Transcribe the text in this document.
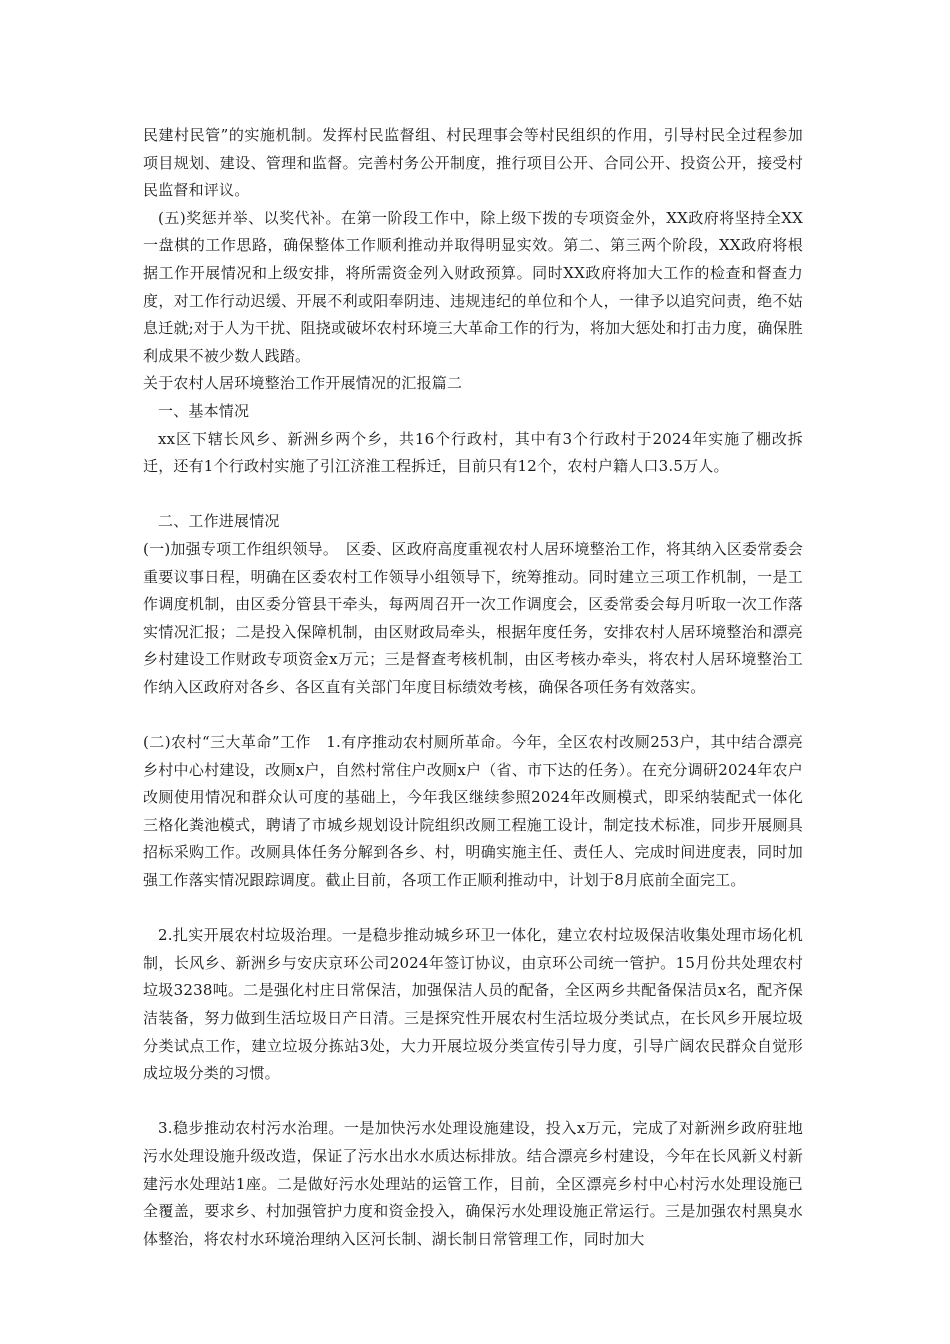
民建村民管”的实施机制。发挥村民监督组、村民理事会等村民组织的作用，引导村民全过程参加项目规划、建设、管理和监督。完善村务公开制度，推行项目公开、合同公开、投资公开，接受村民监督和评议。

(五)奖惩并举、以奖代补。在第一阶段工作中，除上级下拨的专项资金外，XX政府将坚持全XX一盘棋的工作思路，确保整体工作顺利推动并取得明显实效。第二、第三两个阶段，XX政府将根据工作开展情况和上级安排，将所需资金列入财政预算。同时XX政府将加大工作的检查和督查力度，对工作行动迟缓、开展不利或阳奉阴违、违规违纪的单位和个人，一律予以追究问责，绝不姑息迁就;对于人为干扰、阻挠或破坏农村环境三大革命工作的行为，将加大惩处和打击力度，确保胜利成果不被少数人践踏。

关于农村人居环境整治工作开展情况的汇报篇二

一、基本情况

xx区下辖长风乡、新洲乡两个乡，共16个行政村，其中有3个行政村于2024年实施了棚改拆迁，还有1个行政村实施了引江济淮工程拆迁，目前只有12个，农村户籍人口3.5万人。

二、工作进展情况

(一)加强专项工作组织领导。　区委、区政府高度重视农村人居环境整治工作，将其纳入区委常委会重要议事日程，明确在区委农村工作领导小组领导下，统筹推动。同时建立三项工作机制，一是工作调度机制，由区委分管县干牵头，每两周召开一次工作调度会，区委常委会每月听取一次工作落实情况汇报；二是投入保障机制，由区财政局牵头，根据年度任务，安排农村人居环境整治和漂亮乡村建设工作财政专项资金x万元；三是督查考核机制，由区考核办牵头，将农村人居环境整治工作纳入区政府对各乡、各区直有关部门年度目标绩效考核，确保各项任务有效落实。

(二)农村“三大革命”工作　1.有序推动农村厕所革命。今年，全区农村改厕253户，其中结合漂亮乡村中心村建设，改厕x户，自然村常住户改厕x户（省、市下达的任务）。在充分调研2024年农户改厕使用情况和群众认可度的基础上，今年我区继续参照2024年改厕模式，即采纳装配式一体化三格化粪池模式，聘请了市城乡规划设计院组织改厕工程施工设计，制定技术标准，同步开展厕具招标采购工作。改厕具体任务分解到各乡、村，明确实施主任、责任人、完成时间进度表，同时加强工作落实情况跟踪调度。截止目前，各项工作正顺利推动中，计划于8月底前全面完工。

2.扎实开展农村垃圾治理。一是稳步推动城乡环卫一体化，建立农村垃圾保洁收集处理市场化机制，长风乡、新洲乡与安庆京环公司2024年签订协议，由京环公司统一管护。15月份共处理农村垃圾3238吨。二是强化村庄日常保洁，加强保洁人员的配备，全区两乡共配备保洁员x名，配齐保洁装备，努力做到生活垃圾日产日清。三是探究性开展农村生活垃圾分类试点，在长风乡开展垃圾分类试点工作，建立垃圾分拣站3处，大力开展垃圾分类宣传引导力度，引导广阔农民群众自觉形成垃圾分类的习惯。

3.稳步推动农村污水治理。一是加快污水处理设施建设，投入x万元，完成了对新洲乡政府驻地污水处理设施升级改造，保证了污水出水水质达标排放。结合漂亮乡村建设，今年在长风新义村新建污水处理站1座。二是做好污水处理站的运管工作，目前，全区漂亮乡村中心村污水处理设施已全覆盖，要求乡、村加强管护力度和资金投入，确保污水处理设施正常运行。三是加强农村黑臭水体整治，将农村水环境治理纳入区河长制、湖长制日常管理工作，同时加大
